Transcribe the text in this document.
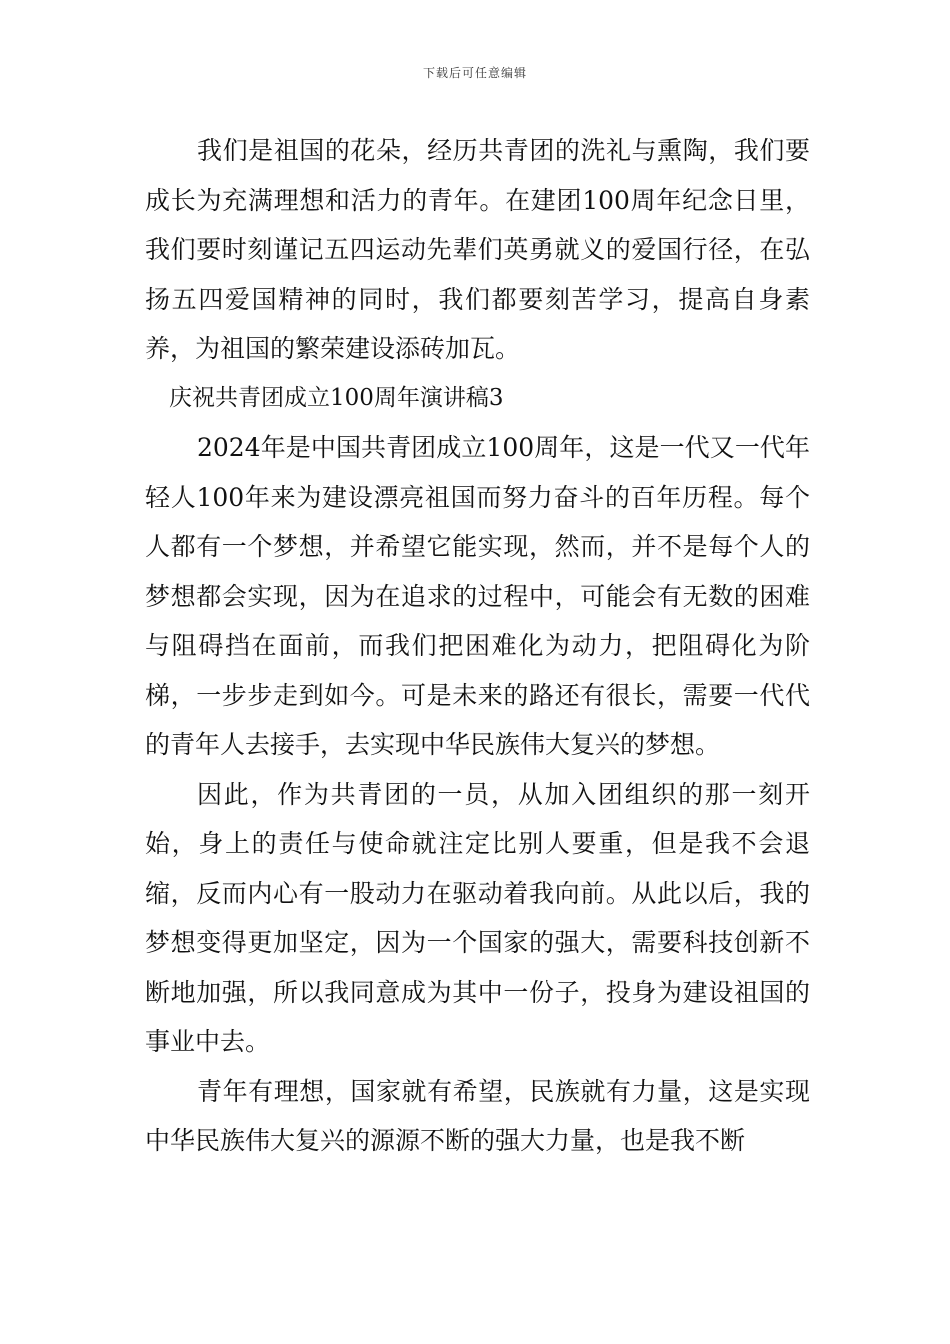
下载后可任意编辑

我们是祖国的花朵，经历共青团的洗礼与熏陶，我们要成长为充满理想和活力的青年。在建团100周年纪念日里，我们要时刻谨记五四运动先辈们英勇就义的爱国行径，在弘扬五四爱国精神的同时，我们都要刻苦学习，提高自身素养，为祖国的繁荣建设添砖加瓦。

庆祝共青团成立100周年演讲稿3

2024年是中国共青团成立100周年，这是一代又一代年轻人100年来为建设漂亮祖国而努力奋斗的百年历程。每个人都有一个梦想，并希望它能实现，然而，并不是每个人的梦想都会实现，因为在追求的过程中，可能会有无数的困难与阻碍挡在面前，而我们把困难化为动力，把阻碍化为阶梯，一步步走到如今。可是未来的路还有很长，需要一代代的青年人去接手，去实现中华民族伟大复兴的梦想。

因此，作为共青团的一员，从加入团组织的那一刻开始，身上的责任与使命就注定比别人要重，但是我不会退缩，反而内心有一股动力在驱动着我向前。从此以后，我的梦想变得更加坚定，因为一个国家的强大，需要科技创新不断地加强，所以我同意成为其中一份子，投身为建设祖国的事业中去。

青年有理想，国家就有希望，民族就有力量，这是实现中华民族伟大复兴的源源不断的强大力量，也是我不断
